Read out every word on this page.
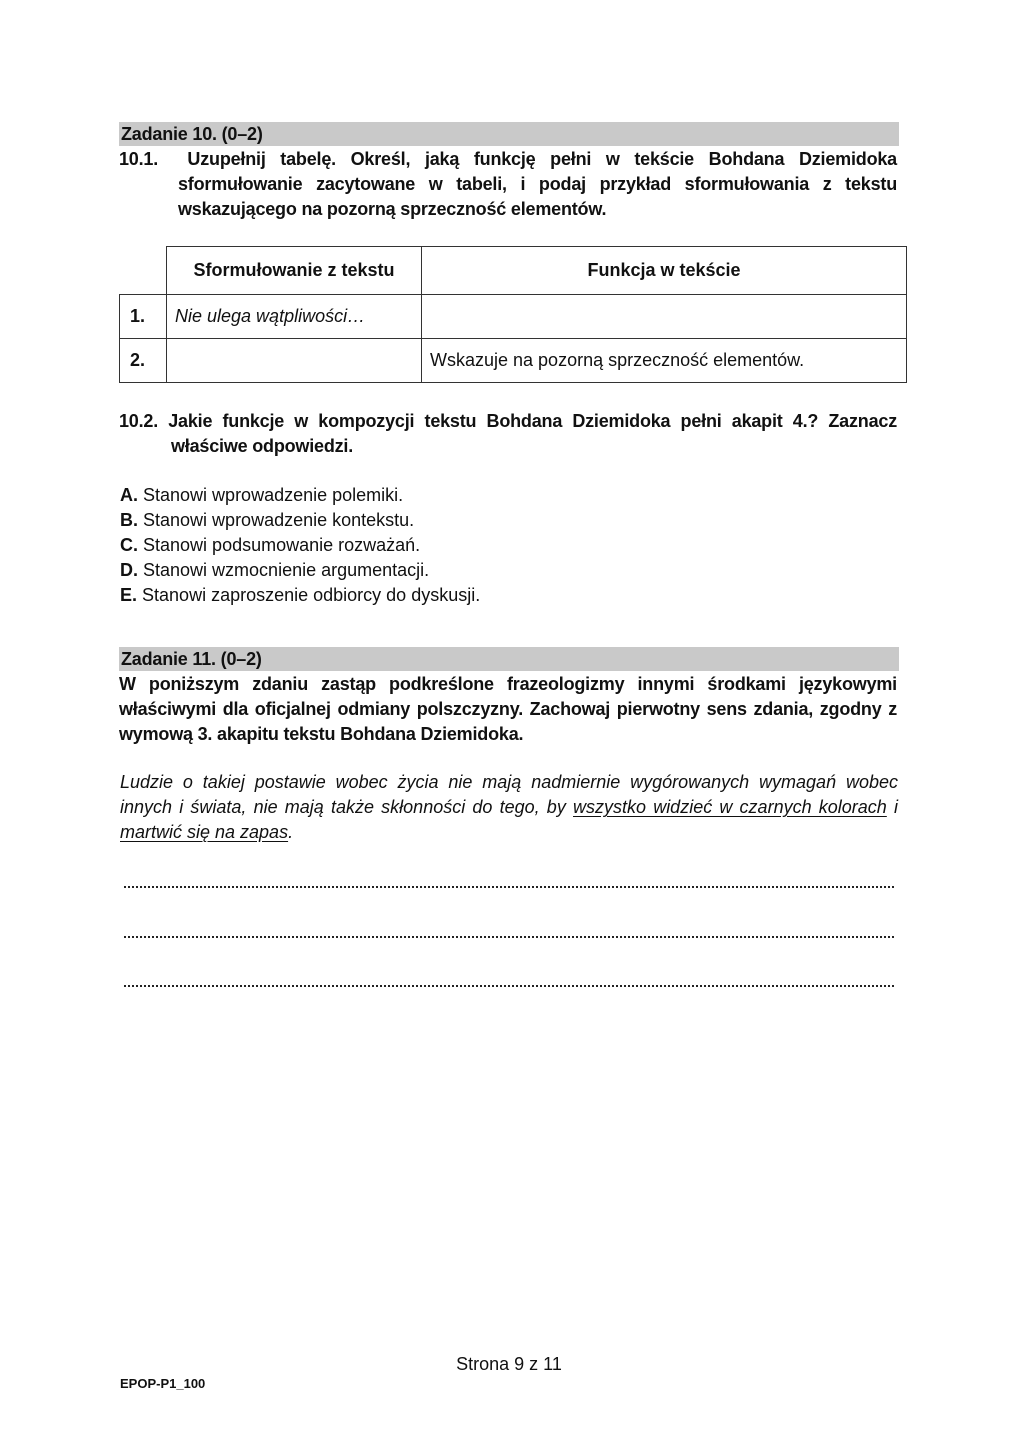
Zadanie 10. (0–2)
10.1. Uzupełnij tabelę. Określ, jaką funkcję pełni w tekście Bohdana Dziemidoka sformułowanie zacytowane w tabeli, i podaj przykład sformułowania z tekstu wskazującego na pozorną sprzeczność elementów.
	Sformułowanie z tekstu	Funkcja w tekście
1.	Nie ulega wątpliwości…	
2.		Wskazuje na pozorną sprzeczność elementów.
10.2. Jakie funkcje w kompozycji tekstu Bohdana Dziemidoka pełni akapit 4.? Zaznacz właściwe odpowiedzi.
A. Stanowi wprowadzenie polemiki.
B. Stanowi wprowadzenie kontekstu.
C. Stanowi podsumowanie rozważań.
D. Stanowi wzmocnienie argumentacji.
E. Stanowi zaproszenie odbiorcy do dyskusji.
Zadanie 11. (0–2)
W poniższym zdaniu zastąp podkreślone frazeologizmy innymi środkami językowymi właściwymi dla oficjalnej odmiany polszczyzny. Zachowaj pierwotny sens zdania, zgodny z wymową 3. akapitu tekstu Bohdana Dziemidoka.
Ludzie o takiej postawie wobec życia nie mają nadmiernie wygórowanych wymagań wobec innych i świata, nie mają także skłonności do tego, by wszystko widzieć w czarnych kolorach i martwić się na zapas.
Strona 9 z 11
EPOP-P1_100
